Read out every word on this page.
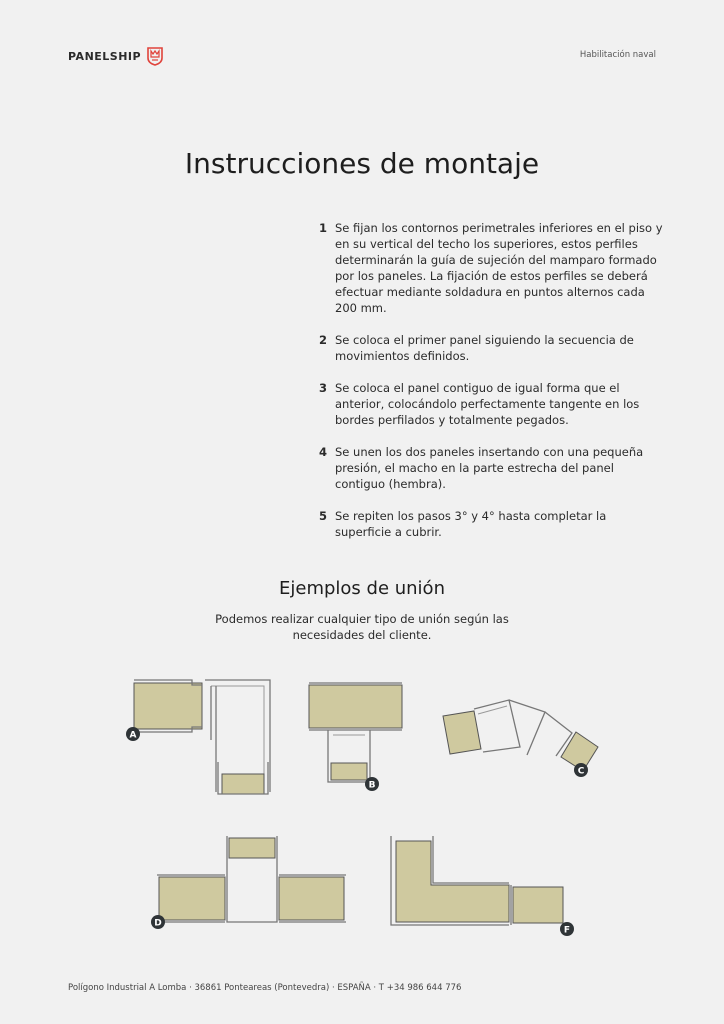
PANELSHIP	Habilitación naval
Instrucciones de montaje
1 Se fijan los contornos perimetrales inferiores en el piso y en su vertical del techo los superiores, estos perfiles determinarán la guía de sujeción del mamparo formado por los paneles. La fijación de estos perfiles se deberá efectuar mediante soldadura en puntos alternos cada 200 mm.
2 Se coloca el primer panel siguiendo la secuencia de movimientos definidos.
3 Se coloca el panel contiguo de igual forma que el anterior, colocándolo perfectamente tangente en los bordes perfilados y totalmente pegados.
4 Se unen los dos paneles insertando con una pequeña presión, el macho en la parte estrecha del panel contiguo (hembra).
5 Se repiten los pasos 3° y 4° hasta completar la superficie a cubrir.
Ejemplos de unión
Podemos realizar cualquier tipo de unión según las necesidades del cliente.
A
B
C
D
F
Polígono Industrial A Lomba · 36861 Ponteareas (Pontevedra) · ESPAÑA · T +34 986 644 776
